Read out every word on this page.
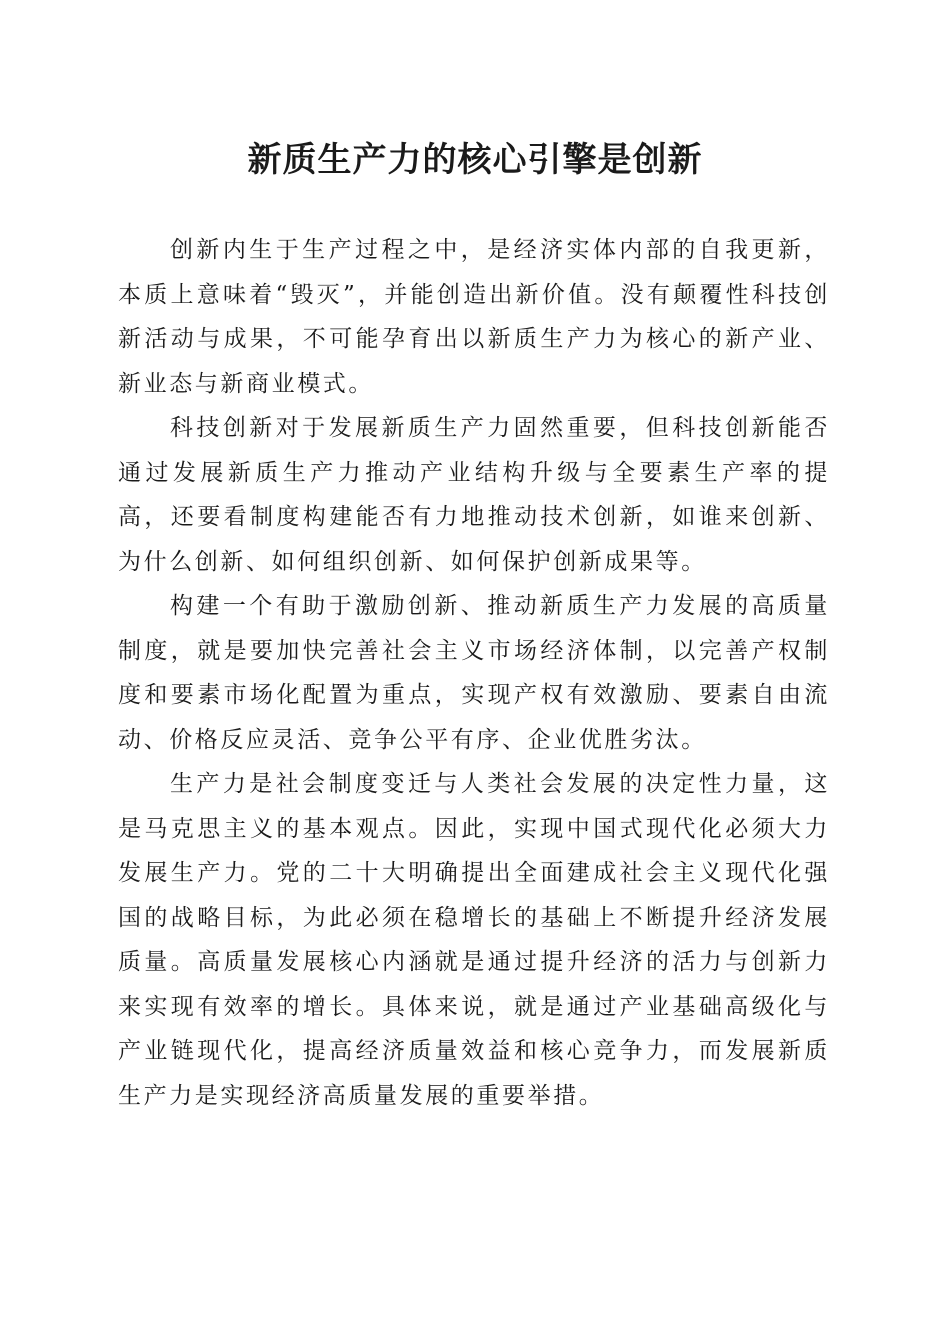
新质生产力的核心引擎是创新

创新内生于生产过程之中，是经济实体内部的自我更新，本质上意味着“毁灭”，并能创造出新价值。没有颠覆性科技创新活动与成果，不可能孕育出以新质生产力为核心的新产业、新业态与新商业模式。

科技创新对于发展新质生产力固然重要，但科技创新能否通过发展新质生产力推动产业结构升级与全要素生产率的提高，还要看制度构建能否有力地推动技术创新，如谁来创新、为什么创新、如何组织创新、如何保护创新成果等。

构建一个有助于激励创新、推动新质生产力发展的高质量制度，就是要加快完善社会主义市场经济体制，以完善产权制度和要素市场化配置为重点，实现产权有效激励、要素自由流动、价格反应灵活、竞争公平有序、企业优胜劣汰。

生产力是社会制度变迁与人类社会发展的决定性力量，这是马克思主义的基本观点。因此，实现中国式现代化必须大力发展生产力。党的二十大明确提出全面建成社会主义现代化强国的战略目标，为此必须在稳增长的基础上不断提升经济发展质量。高质量发展核心内涵就是通过提升经济的活力与创新力来实现有效率的增长。具体来说，就是通过产业基础高级化与产业链现代化，提高经济质量效益和核心竞争力，而发展新质生产力是实现经济高质量发展的重要举措。
